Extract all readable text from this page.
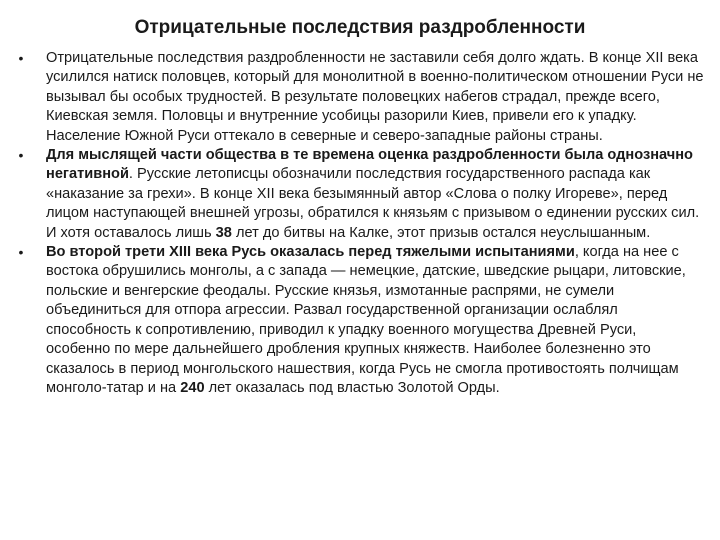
Отрицательные последствия раздробленности
•	Отрицательные последствия раздробленности не заставили себя долго ждать. В конце XII века усилился натиск половцев, который для монолитной в военно-политическом отношении Руси не вызывал бы особых трудностей. В результате половецких набегов страдал, прежде всего, Киевская земля. Половцы и внутренние усобицы разорили Киев, привели его к упадку. Население Южной Руси оттекало в северные и северо-западные районы страны.
•	Для мыслящей части общества в те времена оценка раздробленности была однозначно негативной. Русские летописцы обозначили последствия государственного распада как «наказание за грехи». В конце XII века безымянный автор «Слова о полку Игореве», перед лицом наступающей внешней угрозы, обратился к князьям с призывом о единении русских сил. И хотя оставалось лишь 38 лет до битвы на Калке, этот призыв остался неуслышанным.
•	Во второй трети XIII века Русь оказалась перед тяжелыми испытаниями, когда на нее с востока обрушились монголы, а с запада — немецкие, датские, шведские рыцари, литовские, польские и венгерские феодалы. Русские князья, измотанные распрями, не сумели объединиться для отпора агрессии. Развал государственной организации ослаблял способность к сопротивлению, приводил к упадку военного могущества Древней Руси, особенно по мере дальнейшего дробления крупных княжеств. Наиболее болезненно это сказалось в период монгольского нашествия, когда Русь не смогла противостоять полчищам монголо-татар и на 240 лет оказалась под властью Золотой Орды.
